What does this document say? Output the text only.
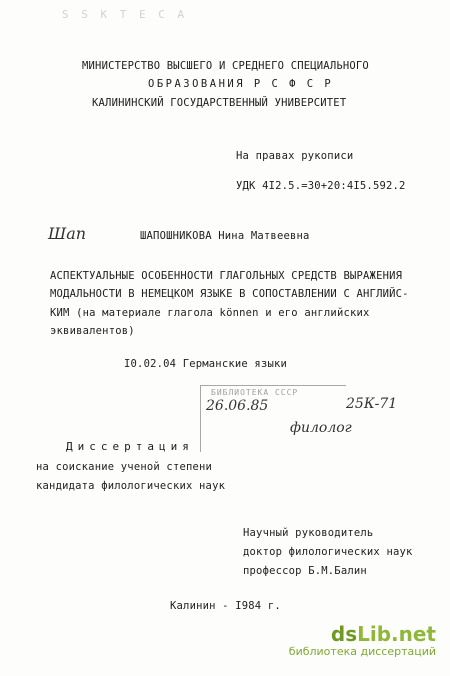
S S K T E C A
МИНИСТЕРСТВО ВЫСШЕГО И СРЕДНЕГО СПЕЦИАЛЬНОГО
ОБРАЗОВАНИЯ Р С Ф С Р
КАЛИНИНСКИЙ ГОСУДАРСТВЕННЫЙ УНИВЕРСИТЕТ
На правах рукописи
УДК 4I2.5.=30+20:4I5.592.2
Шап	ШАПОШНИКОВА Нина Матвеевна
АСПЕКТУАЛЬНЫЕ ОСОБЕННОСТИ ГЛАГОЛЬНЫХ СРЕДСТВ ВЫРАЖЕНИЯ
МОДАЛЬНОСТИ В НЕМЕЦКОМ ЯЗЫКЕ В СОПОСТАВЛЕНИИ С АНГЛИЙС-
КИМ (на материале глагола können и его английских
эквивалентов)
I0.02.04 Германские языки
БИБЛИОТЕКА СССР
26.06.85	25К-71
филолог
Диссертация
на соискание ученой степени
кандидата филологических наук
Научный руководитель
доктор филологических наук
профессор Б.М.Балин
Калинин - I984 г.
dsLib.net
библиотека диссертаций
